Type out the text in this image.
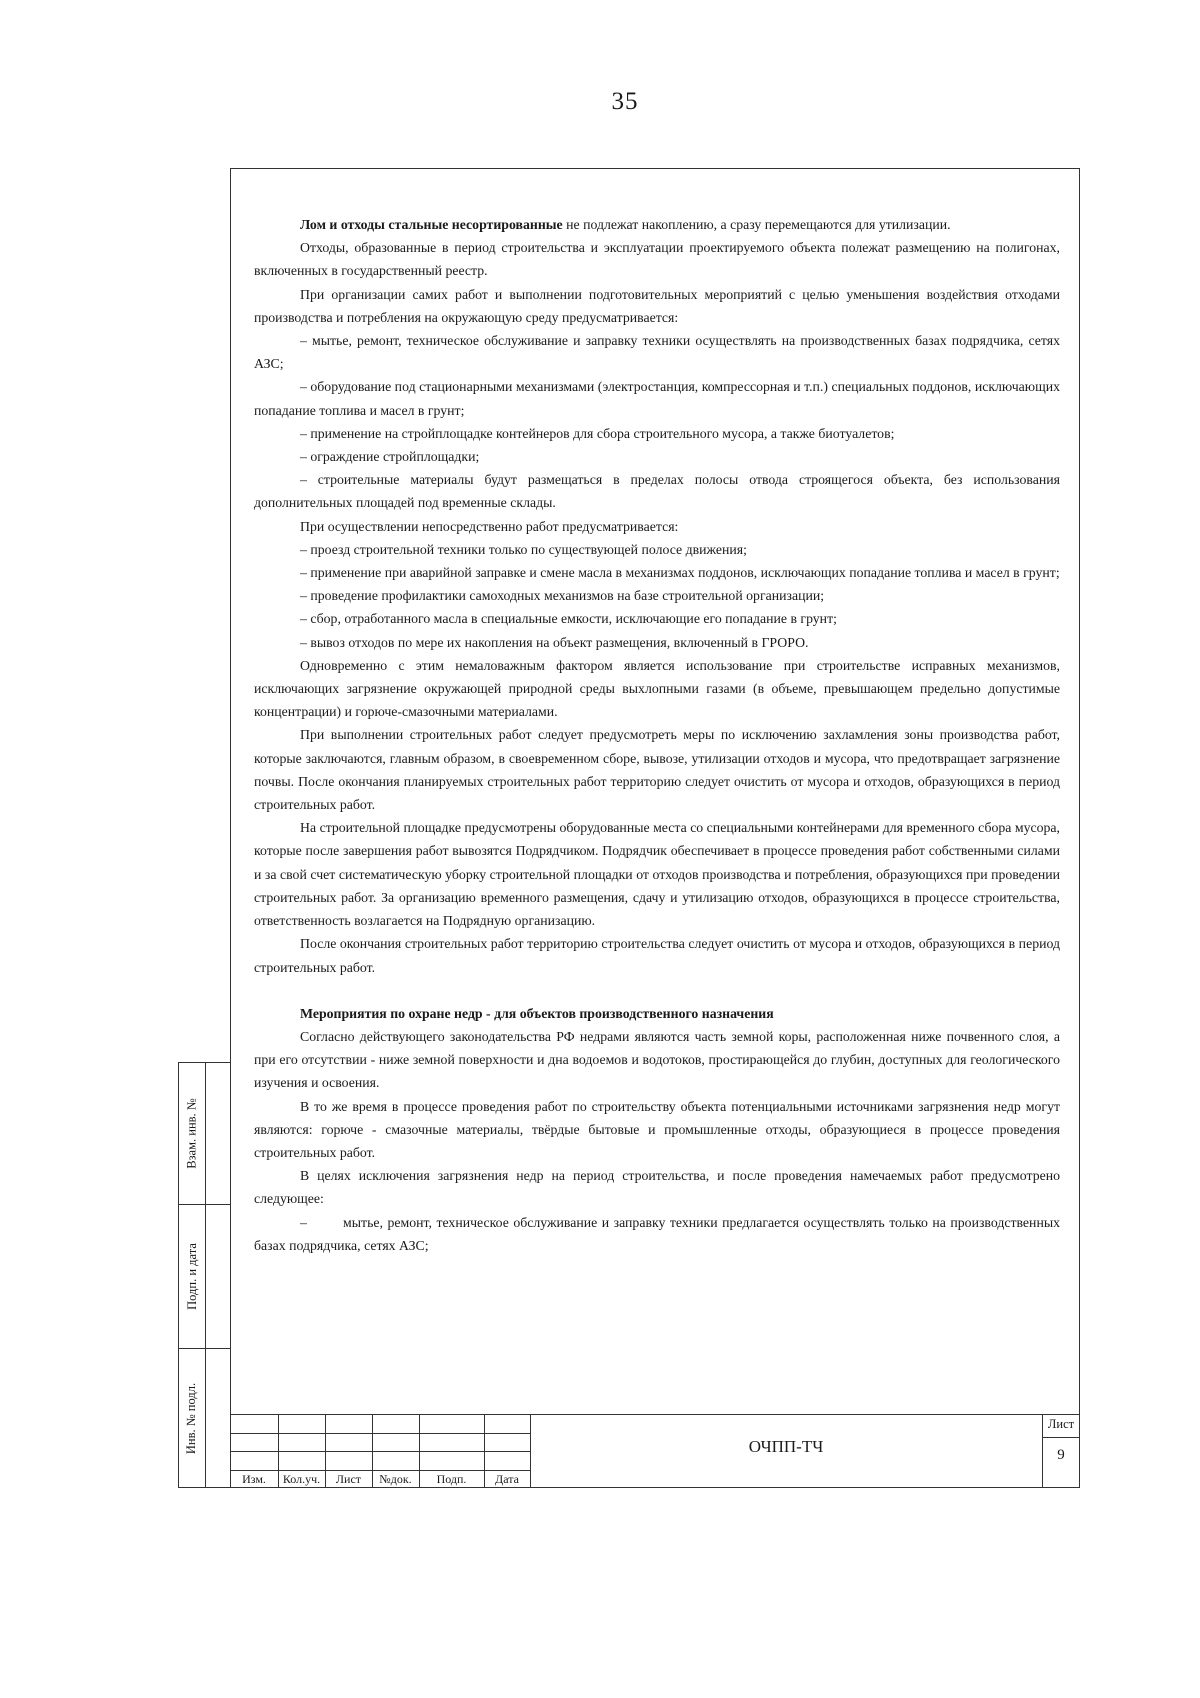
35
Взам. инв. №
Подп. и дата
Инв. № подл.

Лом и отходы стальные несортированные не подлежат накоплению, а сразу перемещаются для утилизации.

Отходы, образованные в период строительства и эксплуатации проектируемого объекта полежат размещению на полигонах, включенных в государственный реестр.

При организации самих работ и выполнении подготовительных мероприятий с целью уменьшения воздействия отходами производства и потребления на окружающую среду предусматривается:

– мытье, ремонт, техническое обслуживание и заправку техники осуществлять на производственных базах подрядчика, сетях АЗС;

– оборудование под стационарными механизмами (электростанция, компрессорная и т.п.) специальных поддонов, исключающих попадание топлива и масел в грунт;

– применение на стройплощадке контейнеров для сбора строительного мусора, а также биотуалетов;

– ограждение стройплощадки;

– строительные материалы будут размещаться в пределах полосы отвода строящегося объекта, без использования дополнительных площадей под временные склады.

При осуществлении непосредственно работ предусматривается:

– проезд строительной техники только по существующей полосе движения;

– применение при аварийной заправке и смене масла в механизмах поддонов, исключающих попадание топлива и масел в грунт;

– проведение профилактики самоходных механизмов на базе строительной организации;

– сбор, отработанного масла в специальные емкости, исключающие его попадание в грунт;

– вывоз отходов по мере их накопления на объект размещения, включенный в ГРОРО.

Одновременно с этим немаловажным фактором является использование при строительстве исправных механизмов, исключающих загрязнение окружающей природной среды выхлопными газами (в объеме, превышающем предельно допустимые концентрации) и горюче-смазочными материалами.

При выполнении строительных работ следует предусмотреть меры по исключению захламления зоны производства работ, которые заключаются, главным образом, в своевременном сборе, вывозе, утилизации отходов и мусора, что предотвращает загрязнение почвы. После окончания планируемых строительных работ территорию следует очистить от мусора и отходов, образующихся в период строительных работ.

На строительной площадке предусмотрены оборудованные места со специальными контейнерами для временного сбора мусора, которые после завершения работ вывозятся Подрядчиком. Подрядчик обеспечивает в процессе проведения работ собственными силами и за свой счет систематическую уборку строительной площадки от отходов производства и потребления, образующихся при проведении строительных работ. За организацию временного размещения, сдачу и утилизацию отходов, образующихся в процессе строительства, ответственность возлагается на Подрядную организацию.

После окончания строительных работ территорию строительства следует очистить от мусора и отходов, образующихся в период строительных работ.

Мероприятия по охране недр - для объектов производственного назначения

Согласно действующего законодательства РФ недрами являются часть земной коры, расположенная ниже почвенного слоя, а при его отсутствии - ниже земной поверхности и дна водоемов и водотоков, простирающейся до глубин, доступных для геологического изучения и освоения.

В то же время в процессе проведения работ по строительству объекта потенциальными источниками загрязнения недр могут являются: горюче - смазочные материалы, твёрдые бытовые и промышленные отходы, образующиеся в процессе проведения строительных работ.

В целях исключения загрязнения недр на период строительства, и после проведения намечаемых работ предусмотрено следующее:

–        мытье, ремонт, техническое обслуживание и заправку техники предлагается осуществлять только на производственных базах подрядчика, сетях АЗС;

Изм.	Кол.уч.	Лист	№док.	Подп.	Дата
ОЧПП-ТЧ
Лист
9
